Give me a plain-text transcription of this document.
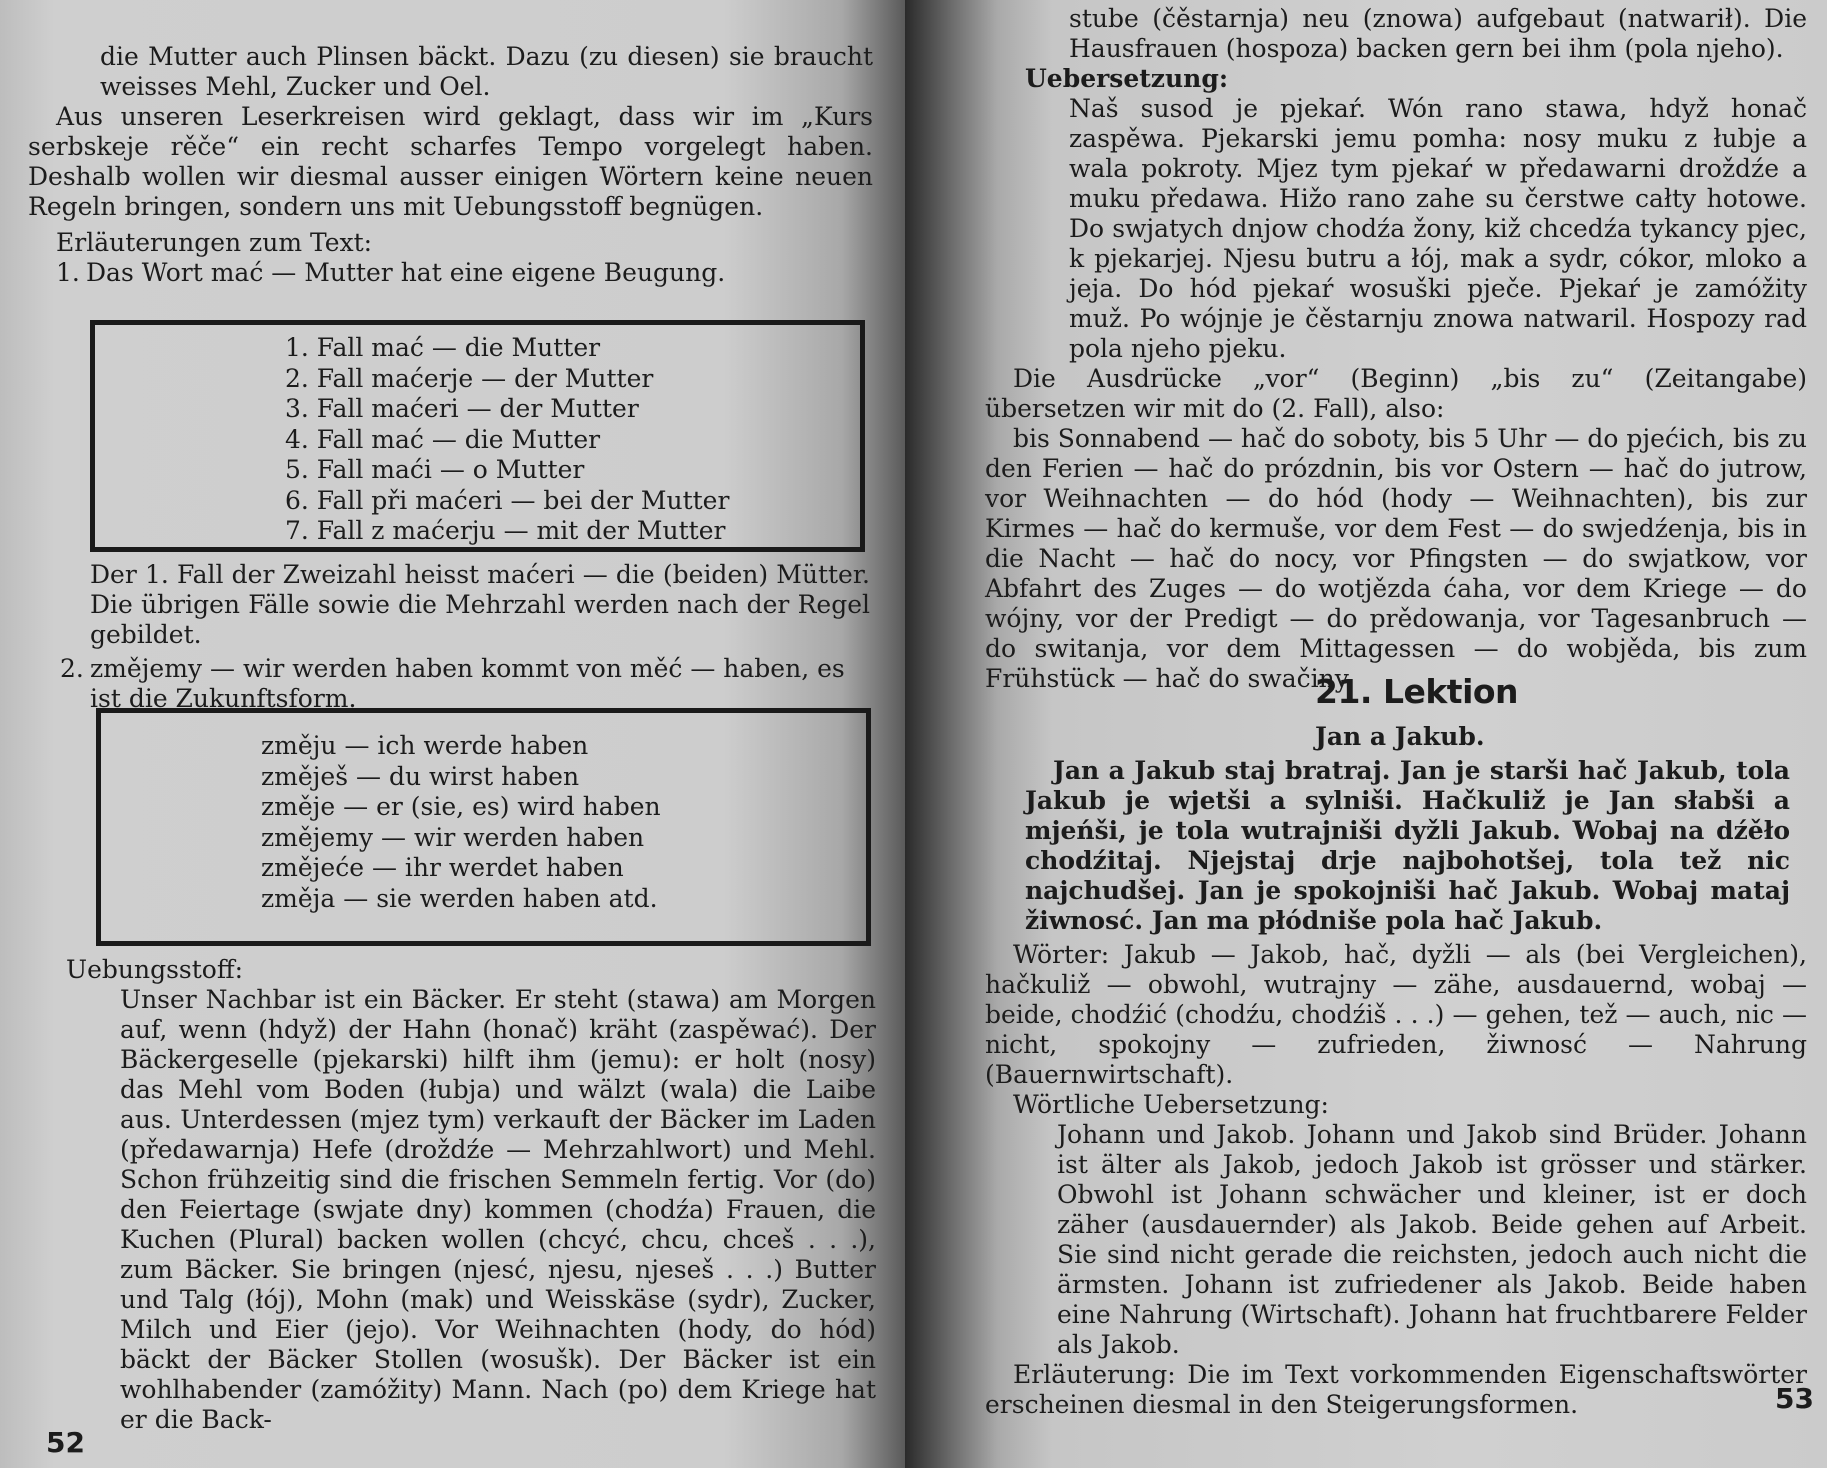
die Mutter auch Plinsen bäckt. Dazu (zu diesen) sie braucht weisses Mehl, Zucker und Oel.

Aus unseren Leserkreisen wird geklagt, dass wir im „Kurs serbskeje rěče“ ein recht scharfes Tempo vorgelegt haben. Deshalb wollen wir diesmal ausser einigen Wörtern keine neuen Regeln bringen, sondern uns mit Uebungsstoff begnügen.

Erläuterungen zum Text:

1. Das Wort mać — Mutter hat eine eigene Beugung.
1. Fall mać — die Mutter
2. Fall maćerje — der Mutter
3. Fall maćeri — der Mutter
4. Fall mać — die Mutter
5. Fall maći — o Mutter
6. Fall při maćeri — bei der Mutter
7. Fall z maćerju — mit der Mutter

Der 1. Fall der Zweizahl heisst maćeri — die (beiden) Mütter. Die übrigen Fälle sowie die Mehrzahl werden nach der Regel gebildet.

2. změjemy — wir werden haben kommt von měć — haben, es ist die Zukunftsform.
změju — ich werde haben
změješ — du wirst haben
změje — er (sie, es) wird haben
změjemy — wir werden haben
změjeće — ihr werdet haben
změja — sie werden haben atd.

Uebungsstoff:

Unser Nachbar ist ein Bäcker. Er steht (stawa) am Morgen auf, wenn (hdyž) der Hahn (honač) kräht (zaspěwać). Der Bäckergeselle (pjekarski) hilft ihm (jemu): er holt (nosy) das Mehl vom Boden (łubja) und wälzt (wala) die Laibe aus. Unterdessen (mjez tym) verkauft der Bäcker im Laden (předawarnja) Hefe (droždźe — Mehrzahlwort) und Mehl. Schon frühzeitig sind die frischen Semmeln fertig. Vor (do) den Feiertage (swjate dny) kommen (chodźa) Frauen, die Kuchen (Plural) backen wollen (chcyć, chcu, chceš . . .), zum Bäcker. Sie bringen (njesć, njesu, njeseš . . .) Butter und Talg (łój), Mohn (mak) und Weisskäse (sydr), Zucker, Milch und Eier (jejo). Vor Weihnachten (hody, do hód) bäckt der Bäcker Stollen (wosušk). Der Bäcker ist ein wohlhabender (zamóžity) Mann. Nach (po) dem Kriege hat er die Back-

52

stube (čěstarnja) neu (znowa) aufgebaut (natwarił). Die Hausfrauen (hospoza) backen gern bei ihm (pola njeho).

Uebersetzung:

Naš susod je pjekaŕ. Wón rano stawa, hdyž honač zaspěwa. Pjekarski jemu pomha: nosy muku z łubje a wala pokroty. Mjez tym pjekaŕ w předawarni droždźe a muku předawa. Hižo rano zahe su čerstwe całty hotowe. Do swjatych dnjow chodźa žony, kiž chcedźa tykancy pjec, k pjekarjej. Njesu butru a łój, mak a sydr, cókor, mloko a jeja. Do hód pjekaŕ wosuški pječe. Pjekaŕ je zamóžity muž. Po wójnje je čěstarnju znowa natwaril. Hospozy rad pola njeho pjeku.

Die Ausdrücke „vor“ (Beginn) „bis zu“ (Zeitangabe) übersetzen wir mit do (2. Fall), also:

bis Sonnabend — hač do soboty, bis 5 Uhr — do pjećich, bis zu den Ferien — hač do prózdnin, bis vor Ostern — hač do jutrow, vor Weihnachten — do hód (hody — Weihnachten), bis zur Kirmes — hač do kermuše, vor dem Fest — do swjedźenja, bis in die Nacht — hač do nocy, vor Pfingsten — do swjatkow, vor Abfahrt des Zuges — do wotjězda ćaha, vor dem Kriege — do wójny, vor der Predigt — do prědowanja, vor Tagesanbruch — do switanja, vor dem Mittagessen — do wobjěda, bis zum Frühstück — hač do swačiny.

21. Lektion
Jan a Jakub.

Jan a Jakub staj bratraj. Jan je starši hač Jakub, tola Jakub je wjetši a sylniši. Hačkuliž je Jan słabši a mjeńši, je tola wutrajniši dyžli Jakub. Wobaj na dźěło chodźitaj. Njejstaj drje najbohotšej, tola tež nic najchudšej. Jan je spokojniši hač Jakub. Wobaj mataj žiwnosć. Jan ma płódniše pola hač Jakub.

Wörter: Jakub — Jakob, hač, dyžli — als (bei Vergleichen), hačkuliž — obwohl, wutrajny — zähe, ausdauernd, wobaj — beide, chodźić (chodźu, chodźiš . . .) — gehen, tež — auch, nic — nicht, spokojny — zufrieden, žiwnosć — Nahrung (Bauernwirtschaft).

Wörtliche Uebersetzung:

Johann und Jakob. Johann und Jakob sind Brüder. Johann ist älter als Jakob, jedoch Jakob ist grösser und stärker. Obwohl ist Johann schwächer und kleiner, ist er doch zäher (ausdauernder) als Jakob. Beide gehen auf Arbeit. Sie sind nicht gerade die reichsten, jedoch auch nicht die ärmsten. Johann ist zufriedener als Jakob. Beide haben eine Nahrung (Wirtschaft). Johann hat fruchtbarere Felder als Jakob.

Erläuterung: Die im Text vorkommenden Eigenschaftswörter erscheinen diesmal in den Steigerungsformen.	53
